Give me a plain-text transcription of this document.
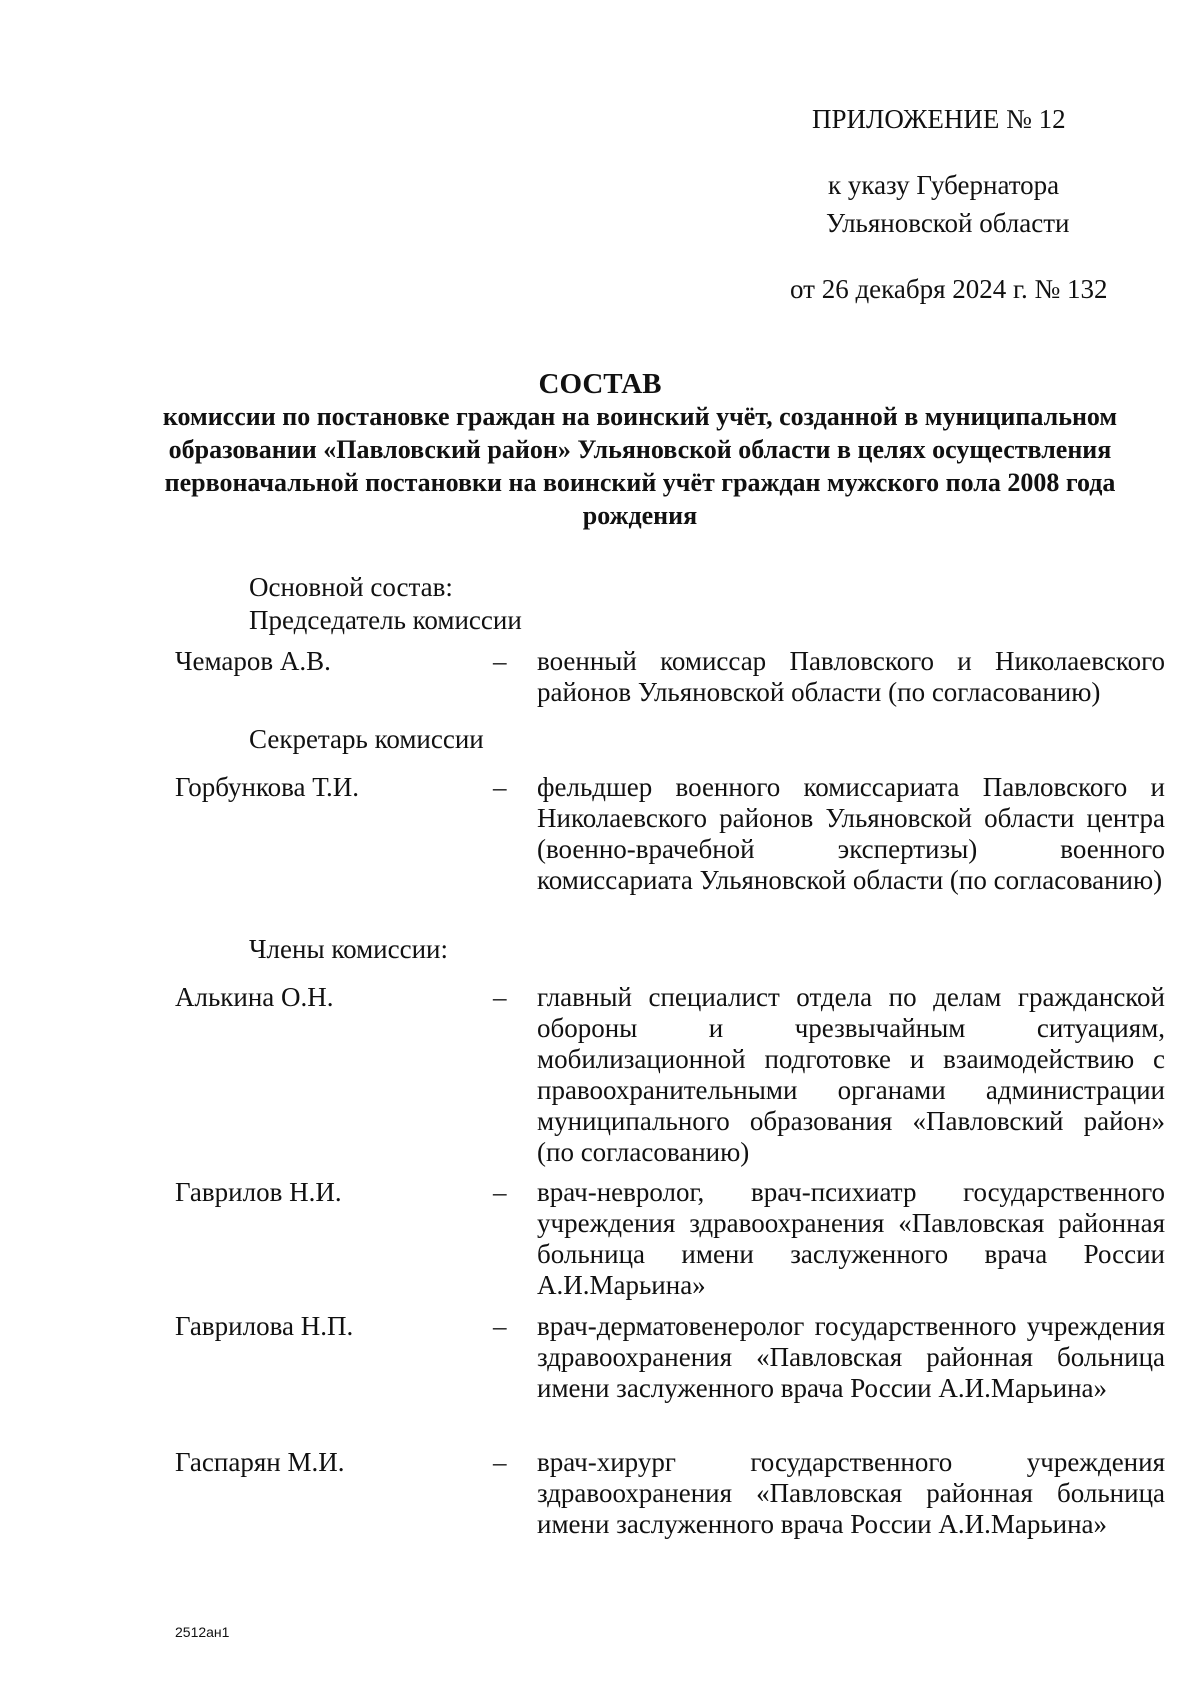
ПРИЛОЖЕНИЕ № 12
к указу Губернатора
Ульяновской области
от 26 декабря 2024 г. № 132
СОСТАВ
комиссии по постановке граждан на воинский учёт, созданной в муниципальном образовании «Павловский район» Ульяновской области в целях осуществления первоначальной постановки на воинский учёт граждан мужского пола 2008 года рождения
Основной состав:
Председатель комиссии
Чемаров А.В.	– военный комиссар Павловского и Николаевского районов Ульяновской области (по согласованию)
Секретарь комиссии
Горбункова Т.И.	– фельдшер военного комиссариата Павловского и Николаевского районов Ульяновской области центра (военно-врачебной экспертизы) военного комиссариата Ульяновской области (по согласованию)
Члены комиссии:
Алькина О.Н.	– главный специалист отдела по делам гражданской обороны и чрезвычайным ситуациям, мобилизационной подготовке и взаимодействию с правоохранительными органами администрации муниципального образования «Павловский район» (по согласованию)
Гаврилов Н.И.	– врач-невролог, врач-психиатр государственного учреждения здравоохранения «Павловская районная больница имени заслуженного врача России А.И.Марьина»
Гаврилова Н.П.	– врач-дерматовенеролог государственного учреждения здравоохранения «Павловская районная больница имени заслуженного врача России А.И.Марьина»
Гаспарян М.И.	– врач-хирург государственного учреждения здравоохранения «Павловская районная больница имени заслуженного врача России А.И.Марьина»
2512ан1
